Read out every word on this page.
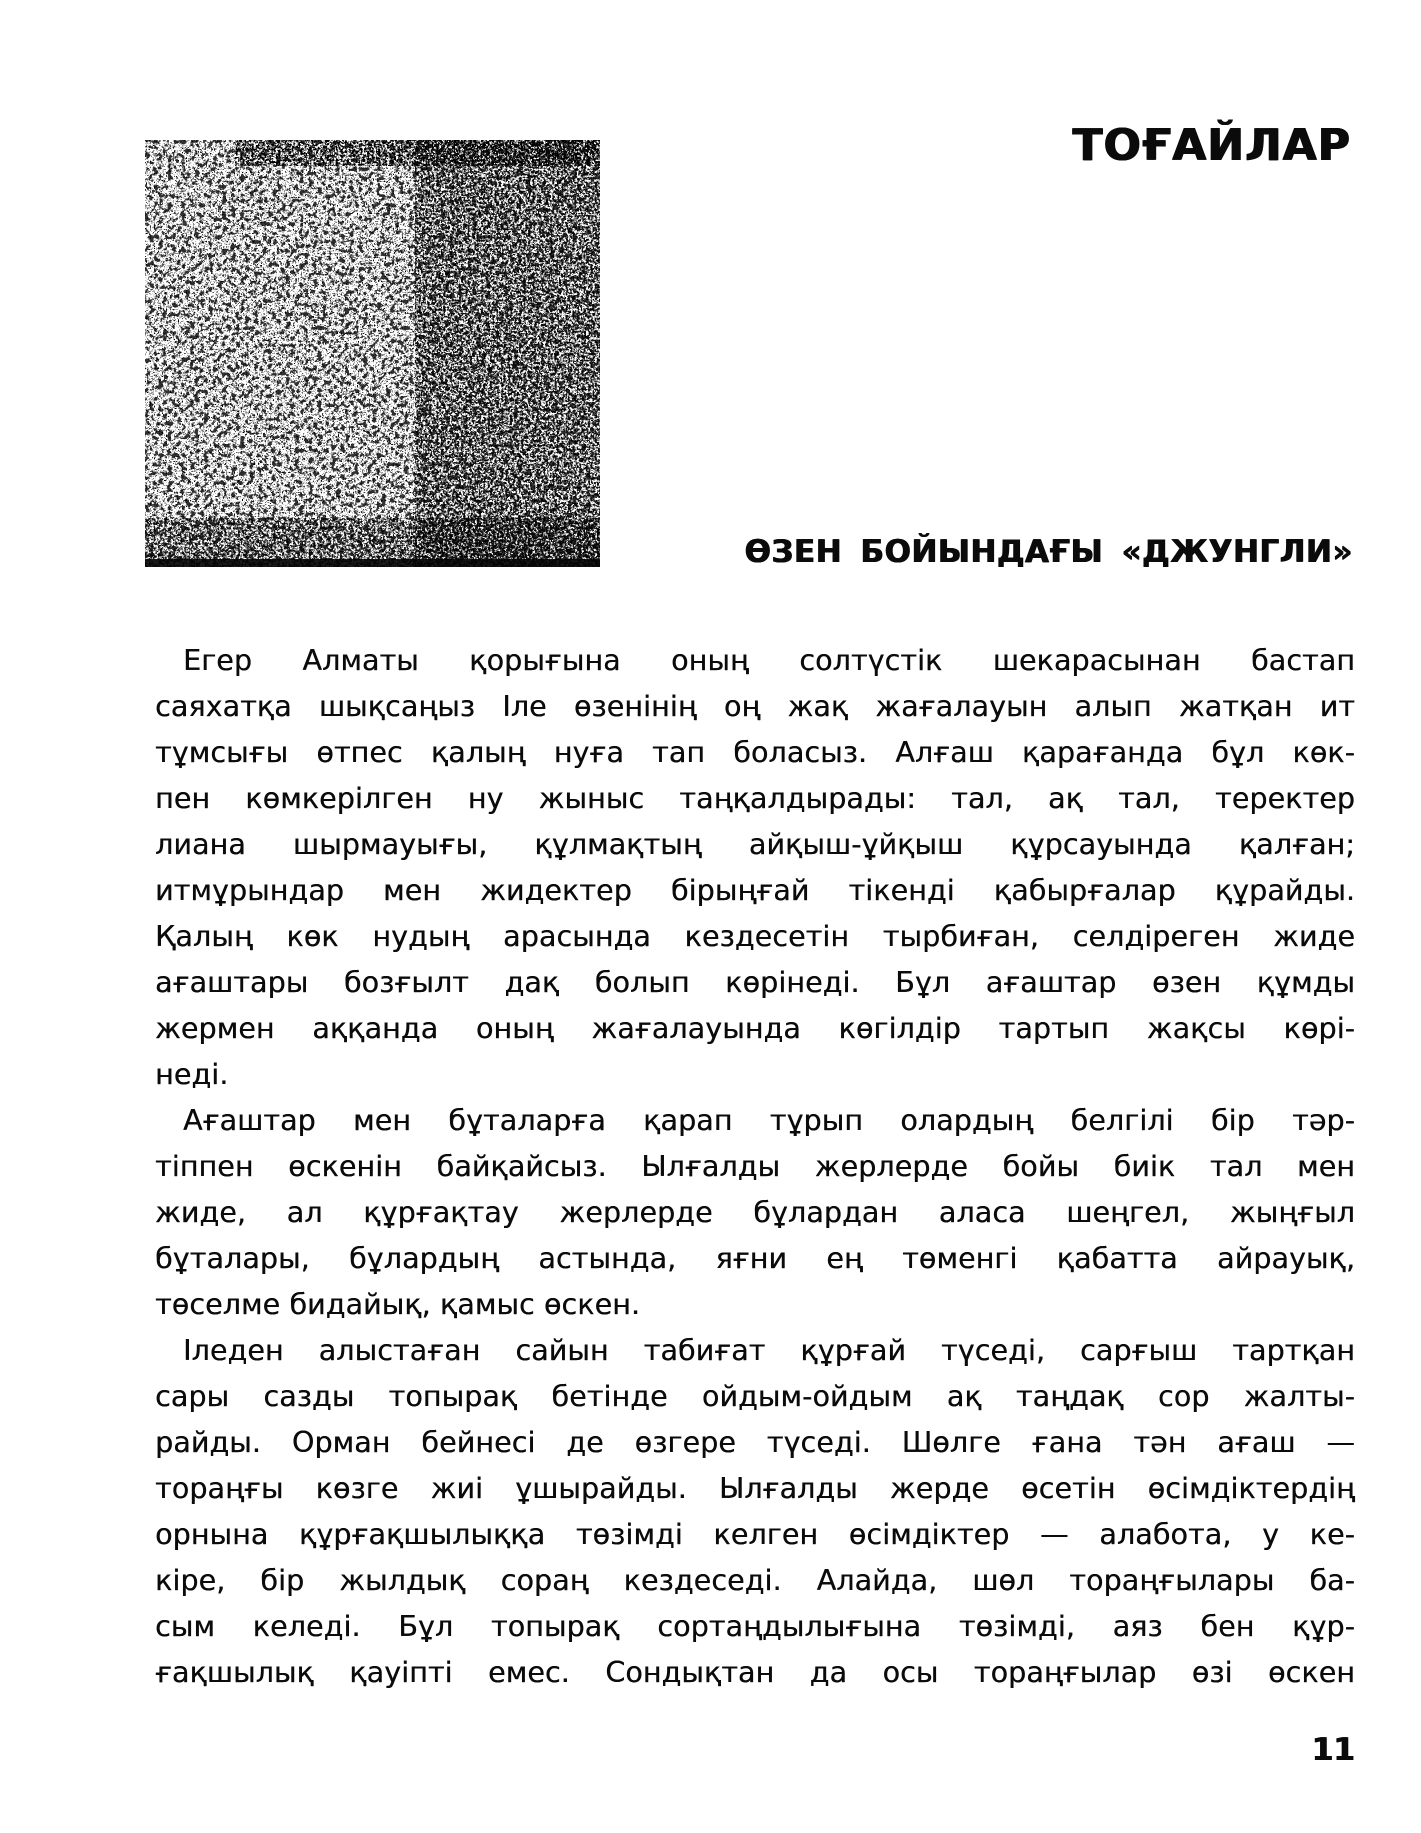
ТОҒАЙЛАР
ӨЗЕН БОЙЫНДАҒЫ «ДЖУНГЛИ»
Егер Алматы қорығына оның солтүстік шекарасынан бастап
саяхатқа шықсаңыз Іле өзенінің оң жақ жағалауын алып жатқан ит
тұмсығы өтпес қалың нуға тап боласыз. Алғаш қарағанда бұл көк-
пен көмкерілген ну жыныс таңқалдырады: тал, ақ тал, теректер
лиана шырмауығы, құлмақтың айқыш-ұйқыш құрсауында қалған;
итмұрындар мен жидектер бірыңғай тікенді қабырғалар құрайды.
Қалың көк нудың арасында кездесетін тырбиған, селдіреген жиде
ағаштары бозғылт дақ болып көрінеді. Бұл ағаштар өзен құмды
жермен аққанда оның жағалауында көгілдір тартып жақсы көрі-
неді.
Ағаштар мен бұталарға қарап тұрып олардың белгілі бір тәр-
тіппен өскенін байқайсыз. Ылғалды жерлерде бойы биік тал мен
жиде, ал құрғақтау жерлерде бұлардан аласа шеңгел, жыңғыл
бұталары, бұлардың астында, яғни ең төменгі қабатта айрауық,
төселме бидайық, қамыс өскен.
Іледен алыстаған сайын табиғат құрғай түседі, сарғыш тартқан
сары сазды топырақ бетінде ойдым-ойдым ақ таңдақ сор жалты-
райды. Орман бейнесі де өзгере түседі. Шөлге ғана тән ағаш —
тораңғы көзге жиі ұшырайды. Ылғалды жерде өсетін өсімдіктердің
орнына құрғақшылыққа төзімді келген өсімдіктер — алабота, у ке-
кіре, бір жылдық сораң кездеседі. Алайда, шөл тораңғылары ба-
сым келеді. Бұл топырақ сортаңдылығына төзімді, аяз бен құр-
ғақшылық қауіпті емес. Сондықтан да осы тораңғылар өзі өскен
11
